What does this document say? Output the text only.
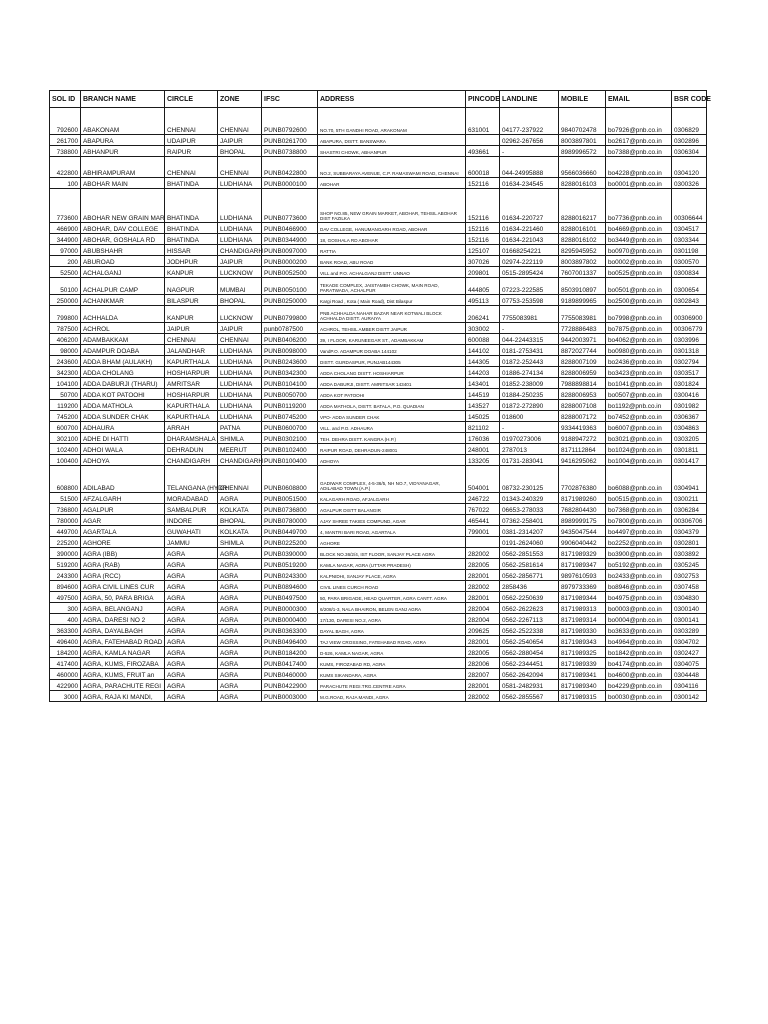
SOL ID	BRANCH NAME	CIRCLE	ZONE	IFSC	ADDRESS	PINCODE	LANDLINE	MOBILE	EMAIL	BSR CODE
792600	ABAKONAM	CHENNAI	CHENNAI	PUNB0792600	NO.70, 5TH GANDHI ROAD, ARAKONAM	631001	04177-237922	9840702478	bo7926@pnb.co.in	0306829
261700	ABAPURA	UDAIPUR	JAIPUR	PUNB0261700	ABAPURA, DISTT. BANSWARA		02962-267656	8003897801	bo2617@pnb.co.in	0302896
738800	ABHANPUR	RAIPUR	BHOPAL	PUNB0738800	SHASTRI CHOWK, ABHANPUR	493661	-	8989996572	bo7388@pnb.co.in	0306304
422800	ABHIRAMPURAM	CHENNAI	CHENNAI	PUNB0422800	NO.2, SUBBARAYA AVENUE, C.P. RAMASWAMI ROAD, CHENNAI	600018	044-24995888	9566036660	bo4228@pnb.co.in	0304120
100	ABOHAR MAIN	BHATINDA	LUDHIANA	PUNB0000100	ABOHAR	152116	01634-234545	8288016103	bo0001@pnb.co.in	0300326
773600	ABOHAR NEW GRAIN MAR	BHATINDA	LUDHIANA	PUNB0773600	SHOP NO.85, NEW GRAIN MARKET, ABOHAR, TEHSIL ABOHAR DIST FAZILKA	152116	01634-220727	8288016217	bo7736@pnb.co.in	00306644
466900	ABOHAR, DAV COLLEGE	BHATINDA	LUDHIANA	PUNB0466900	DAV COLLEGE, HANUMANGARH ROAD, ABOHAR	152116	01634-221460	8288016101	bo4669@pnb.co.in	0304517
344900	ABOHAR, GOSHALA RD	BHATINDA	LUDHIANA	PUNB0344900	18, GOSHALA RD ABOHAR	152116	01634-221043	8288016102	bo3449@pnb.co.in	0303344
97000	ABUBSHAHR	HISSAR	CHANDIGARH	PUNB0097000	RATTIA	125107	01668254221	8295945952	bo0970@pnb.co.in	0301198
200	ABUROAD	JODHPUR	JAIPUR	PUNB0000200	BANK ROAD, ABU ROAD	307026	02974-222119	8003897802	bo0002@pnb.co.in	0300570
52500	ACHALGANJ	KANPUR	LUCKNOW	PUNB0052500	VILL and P.O. ACHALGANJ DISTT. UNNAO	209801	0515-2895424	7607001337	bo0525@pnb.co.in	0300834
50100	ACHALPUR CAMP	NAGPUR	MUMBAI	PUNB0050100	TEKADE COMPLEX, JAISTAMBH CHOWK, MAIN ROAD, PARATWADA, ACHALPUR	444805	07223-222585	8503910897	bo0501@pnb.co.in	0300654
250000	ACHANKMAR	BILASPUR	BHOPAL	PUNB0250000	Kargi Road , Kota ( Main Road), Dist Bilaspur	495113	07753-253598	9189899965	bo2500@pnb.co.in	0302843
799800	ACHHALDA	KANPUR	LUCKNOW	PUNB0799800	PNB ACHHALDA NAHAR BAZAR NEAR KOTWALI BLOCK ACHHALDA DISTT. AURAIYA	206241	7755083981	7755083981	bo7998@pnb.co.in	00306900
787500	ACHROL	JAIPUR	JAIPUR	punb0787500	ACHROL, TEHSIL AMBER DISTT JAIPUR	303002	-	7728886483	bo7875@pnb.co.in	00306779
406200	ADAMBAKKAM	CHENNAI	CHENNAI	PUNB0406200	39, I FLOOR, KARUNEEGAR ST., ADAMBAKKAM	600088	044-22443315	9442003971	bo4062@pnb.co.in	0303996
98000	ADAMPUR DOABA	JALANDHAR	LUDHIANA	PUNB0098000	VandP.O. ADAMPUR DOABA 144102	144102	0181-2753431	8872027744	bo0980@pnb.co.in	0301318
243600	ADDA BHAM (AULAKH)	KAPURTHALA	LUDHIANA	PUNB0243600	DISTT. GURDASPUR, PUNJAB144305	144305	01872-252443	8288007109	bo2436@pnb.co.in	0302794
342300	ADDA CHOLANG	HOSHIARPUR	LUDHIANA	PUNB0342300	ADDA CHOLANG DISTT. HOSHIARPUR	144203	01886-274134	8288006959	bo3423@pnb.co.in	0303517
104100	ADDA DABURJI (THARU)	AMRITSAR	LUDHIANA	PUNB0104100	ADDA DABURJI, DISTT. AMRITSAR 143401	143401	01852-238009	7988898814	bo1041@pnb.co.in	0301824
50700	ADDA KOT PATOOHI	HOSHIARPUR	LUDHIANA	PUNB0050700	ADDA KOT PATOOHI	144519	01884-250235	8288006953	bo0507@pnb.co.in	0300416
119200	ADDA MATHOLA	KAPURTHALA	LUDHIANA	PUNB0119200	ADDA MATHOLA, DISTT. BATALA, P.O. QUADIAN	143527	01872-272890	8288007108	bo1192@pnb.co.in	0301982
745200	ADDA SUNDER CHAK	KAPURTHALA	LUDHIANA	PUNB0745200	VPO- ADDA SUNDER CHAK	145025	018600	8288007172	bo7452@pnb.co.in	0306367
600700	ADHAURA	ARRAH	PATNA	PUNB0600700	VILL. and P.O. ADHAURA	821102	-	9334419363	bo6007@pnb.co.in	0304863
302100	ADHE DI HATTI	DHARAMSHALA	SHIMLA	PUNB0302100	TEH. DEHRA DISTT. KANGRA (H.P.)	176036	01970273006	9188947272	bo3021@pnb.co.in	0303205
102400	ADHOI WALA	DEHRADUN	MEERUT	PUNB0102400	RAIPUR ROAD, DEHRADUN-248001	248001	2787013	8171112864	bo1024@pnb.co.in	0301811
100400	ADHOYA	CHANDIGARH	CHANDIGARH	PUNB0100400	ADHOYA	133205	01731-283041	9416295062	bo1004@pnb.co.in	0301417
608800	ADILABAD	TELANGANA (HYDR	CHENNAI	PUNB0608800	GADIWAR COMPLEX, 4-5-36/5, NH NO.7, VIDYANAGAR, ADILABAD TOWN (A.P.)	504001	08732-230125	7702876380	bo6088@pnb.co.in	0304941
51500	AFZALGARH	MORADABAD	AGRA	PUNB0051500	KALAGARH ROAD, AFJALGARH	246722	01343-240329	8171989260	bo0515@pnb.co.in	0300211
736800	AGALPUR	SAMBALPUR	KOLKATA	PUNB0736800	AGALPUR DISTT BALANGIR	767022	06653-278033	7682804430	bo7368@pnb.co.in	0306284
780000	AGAR	INDORE	BHOPAL	PUNB0780000	AJAY SHREE TAKIES COMPUND, AGAR	465441	07362-258401	8989999175	bo7800@pnb.co.in	00306706
449700	AGARTALA	GUWAHATI	KOLKATA	PUNB0449700	4, MANTRI BARI ROAD, AGARTALA	799001	0381-2314207	9435047544	bo4497@pnb.co.in	0304379
225200	AGHORE	JAMMU	SHIMLA	PUNB0225200	AGHORE		0191-2624060	9906040442	bo2252@pnb.co.in	0302801
390000	AGRA (IBB)	AGRA	AGRA	PUNB0390000	BLOCK NO.36/2/4, IST FLOOR, SANJAY PLACE AGRA	282002	0562-2851553	8171989329	bo3900@pnb.co.in	0303892
519200	AGRA (RAB)	AGRA	AGRA	PUNB0519200	KAMLA NAGAR, AGRA (UTTAR PRADESH)	282005	0562-2581614	8171989347	bo5192@pnb.co.in	0305245
243300	AGRA (RCC)	AGRA	AGRA	PUNB0243300	KALPNIDHI, SANJAY PLACE, AGRA	282001	0562-2856771	9897610593	bo2433@pnb.co.in	0302753
894600	AGRA CIVIL LINES CUR	AGRA	AGRA	PUNB0894600	CIVIL LINES CURCH ROAD	282002	2858436	8979733369	bo8946@pnb.co.in	0307458
497500	AGRA, 50, PARA BRIGA	AGRA	AGRA	PUNB0497500	50, PARA BRIGADE, HEAD QUARTER, AGRA CANTT. AGRA	282001	0562-2250639	8171989344	bo4975@pnb.co.in	0304830
300	AGRA, BELANGANJ	AGRA	AGRA	PUNB0000300	6/208/1-3, NALA BHAIRON, BELEN GANJ AGRA	282004	0562-2622623	8171989313	bo0003@pnb.co.in	0300140
400	AGRA, DARESI NO 2	AGRA	AGRA	PUNB0000400	17/130, DARESI NO.2, AGRA	282004	0562-2267113	8171989314	bo0004@pnb.co.in	0300141
363300	AGRA, DAYALBAGH	AGRA	AGRA	PUNB0363300	DAYAL BAGH, AGRA	209625	0562-2522338	8171989330	bo3633@pnb.co.in	0303289
496400	AGRA, FATEHABAD ROAD	AGRA	AGRA	PUNB0496400	TAJ VIEW CROSSING, FATEHABAD ROAD, AGRA	282001	0562-2540654	8171989343	bo4964@pnb.co.in	0304702
184200	AGRA, KAMLA NAGAR	AGRA	AGRA	PUNB0184200	D-526, KAMLA NAGAR, AGRA	282005	0562-2880454	8171989325	bo1842@pnb.co.in	0302427
417400	AGRA, KUMS, FIROZABA	AGRA	AGRA	PUNB0417400	KUMS, FIROZABAD RD, AGRA	282006	0562-2344451	8171989339	bo4174@pnb.co.in	0304075
460000	AGRA, KUMS, FRUIT an	AGRA	AGRA	PUNB0460000	KUMS SIKANDARA, AGRA	282007	0562-2642094	8171989341	bo4600@pnb.co.in	0304448
422900	AGRA, PARACHUTE REGI	AGRA	AGRA	PUNB0422900	PARACHUTE REGI.TRG.CENTRE AGRA	282001	0581-2482931	8171989340	bo4229@pnb.co.in	0304116
3000	AGRA, RAJA KI MANDI,	AGRA	AGRA	PUNB0003000	M.G.ROAD, RAJA MANDI, AGRA	282002	0562-2855567	8171989315	bo0030@pnb.co.in	0300142
